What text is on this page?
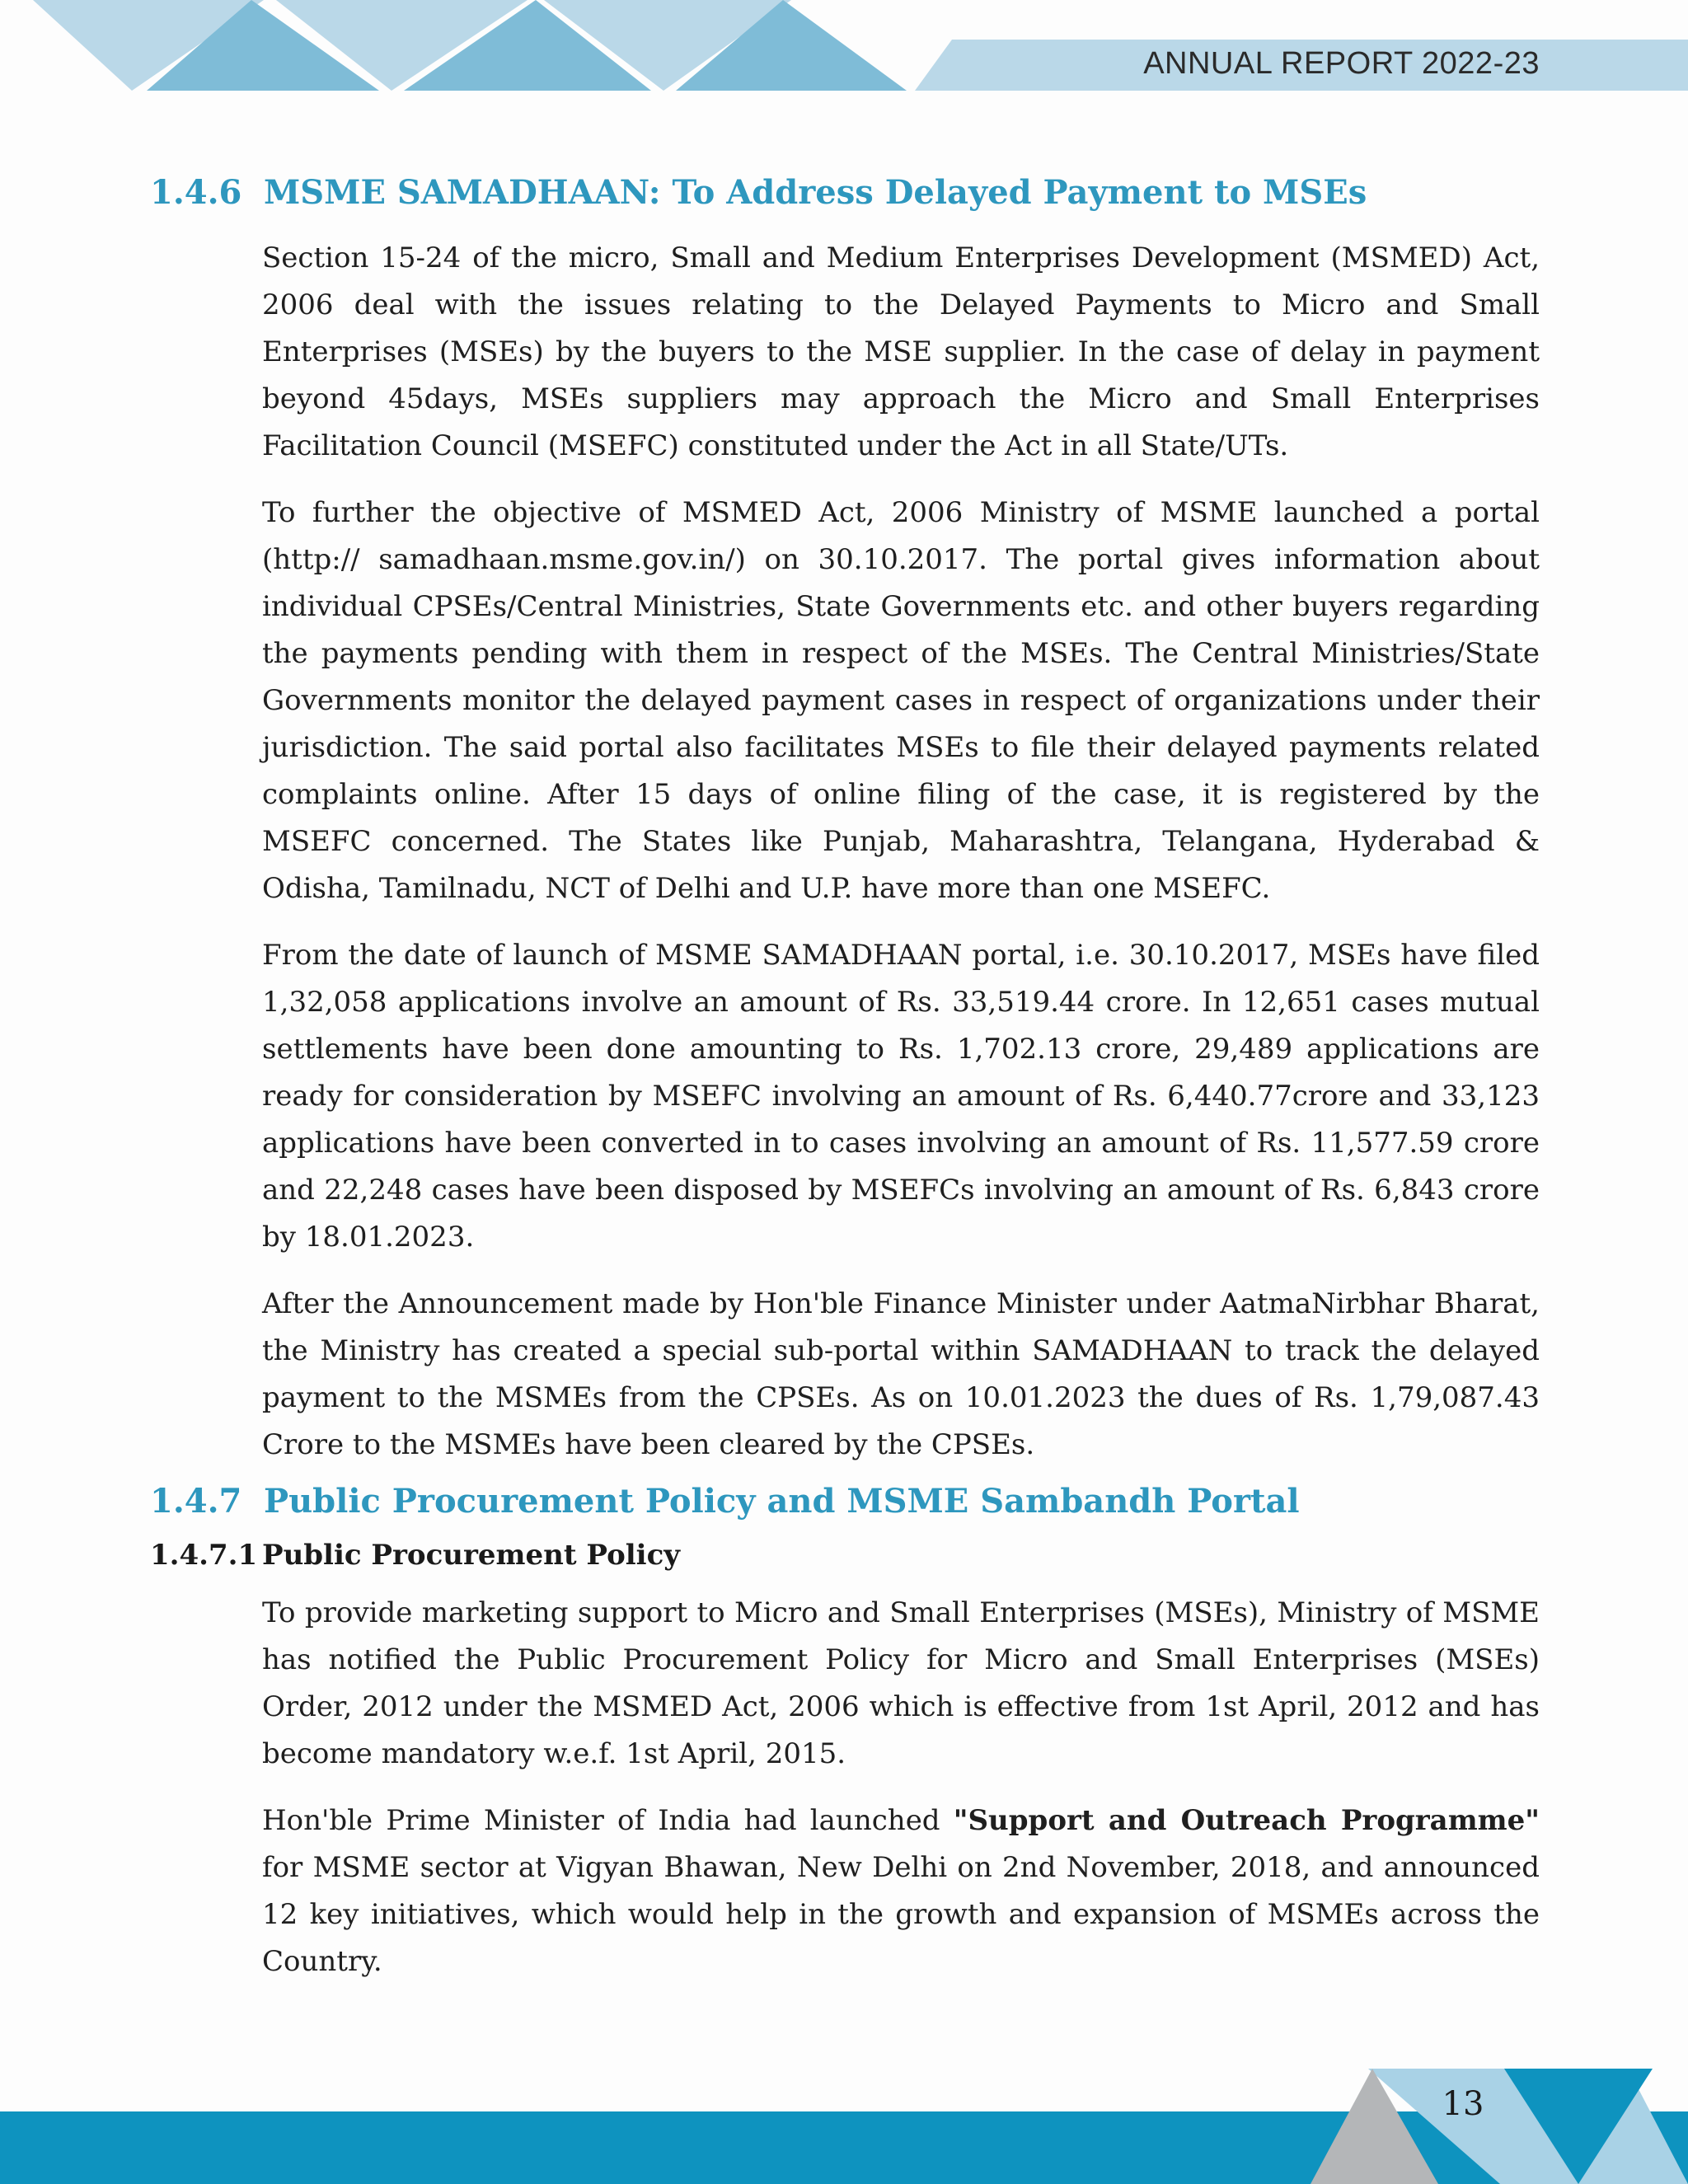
ANNUAL REPORT 2022-23
1.4.6 MSME SAMADHAAN: To Address Delayed Payment to MSEs

Section 15-24 of the micro, Small and Medium Enterprises Development (MSMED) Act, 2006 deal with the issues relating to the Delayed Payments to Micro and Small Enterprises (MSEs) by the buyers to the MSE supplier. In the case of delay in payment beyond 45days, MSEs suppliers may approach the Micro and Small Enterprises Facilitation Council (MSEFC) constituted under the Act in all State/UTs.

To further the objective of MSMED Act, 2006 Ministry of MSME launched a portal (http:// samadhaan.msme.gov.in/) on 30.10.2017. The portal gives information about individual CPSEs/Central Ministries, State Governments etc. and other buyers regarding the payments pending with them in respect of the MSEs. The Central Ministries/State Governments monitor the delayed payment cases in respect of organizations under their jurisdiction. The said portal also facilitates MSEs to file their delayed payments related complaints online. After 15 days of online filing of the case, it is registered by the MSEFC concerned. The States like Punjab, Maharashtra, Telangana, Hyderabad & Odisha, Tamilnadu, NCT of Delhi and U.P. have more than one MSEFC.

From the date of launch of MSME SAMADHAAN portal, i.e. 30.10.2017, MSEs have filed 1,32,058 applications involve an amount of Rs. 33,519.44 crore. In 12,651 cases mutual settlements have been done amounting to Rs. 1,702.13 crore, 29,489 applications are ready for consideration by MSEFC involving an amount of Rs. 6,440.77crore and 33,123 applications have been converted in to cases involving an amount of Rs. 11,577.59 crore and 22,248 cases have been disposed by MSEFCs involving an amount of Rs. 6,843 crore by 18.01.2023.

After the Announcement made by Hon'ble Finance Minister under AatmaNirbhar Bharat, the Ministry has created a special sub-portal within SAMADHAAN to track the delayed payment to the MSMEs from the CPSEs. As on 10.01.2023 the dues of Rs. 1,79,087.43 Crore to the MSMEs have been cleared by the CPSEs.

1.4.7 Public Procurement Policy and MSME Sambandh Portal
1.4.7.1 Public Procurement Policy

To provide marketing support to Micro and Small Enterprises (MSEs), Ministry of MSME has notified the Public Procurement Policy for Micro and Small Enterprises (MSEs) Order, 2012 under the MSMED Act, 2006 which is effective from 1st April, 2012 and has become mandatory w.e.f. 1st April, 2015.

Hon'ble Prime Minister of India had launched "Support and Outreach Programme" for MSME sector at Vigyan Bhawan, New Delhi on 2nd November, 2018, and announced 12 key initiatives, which would help in the growth and expansion of MSMEs across the Country.

13
